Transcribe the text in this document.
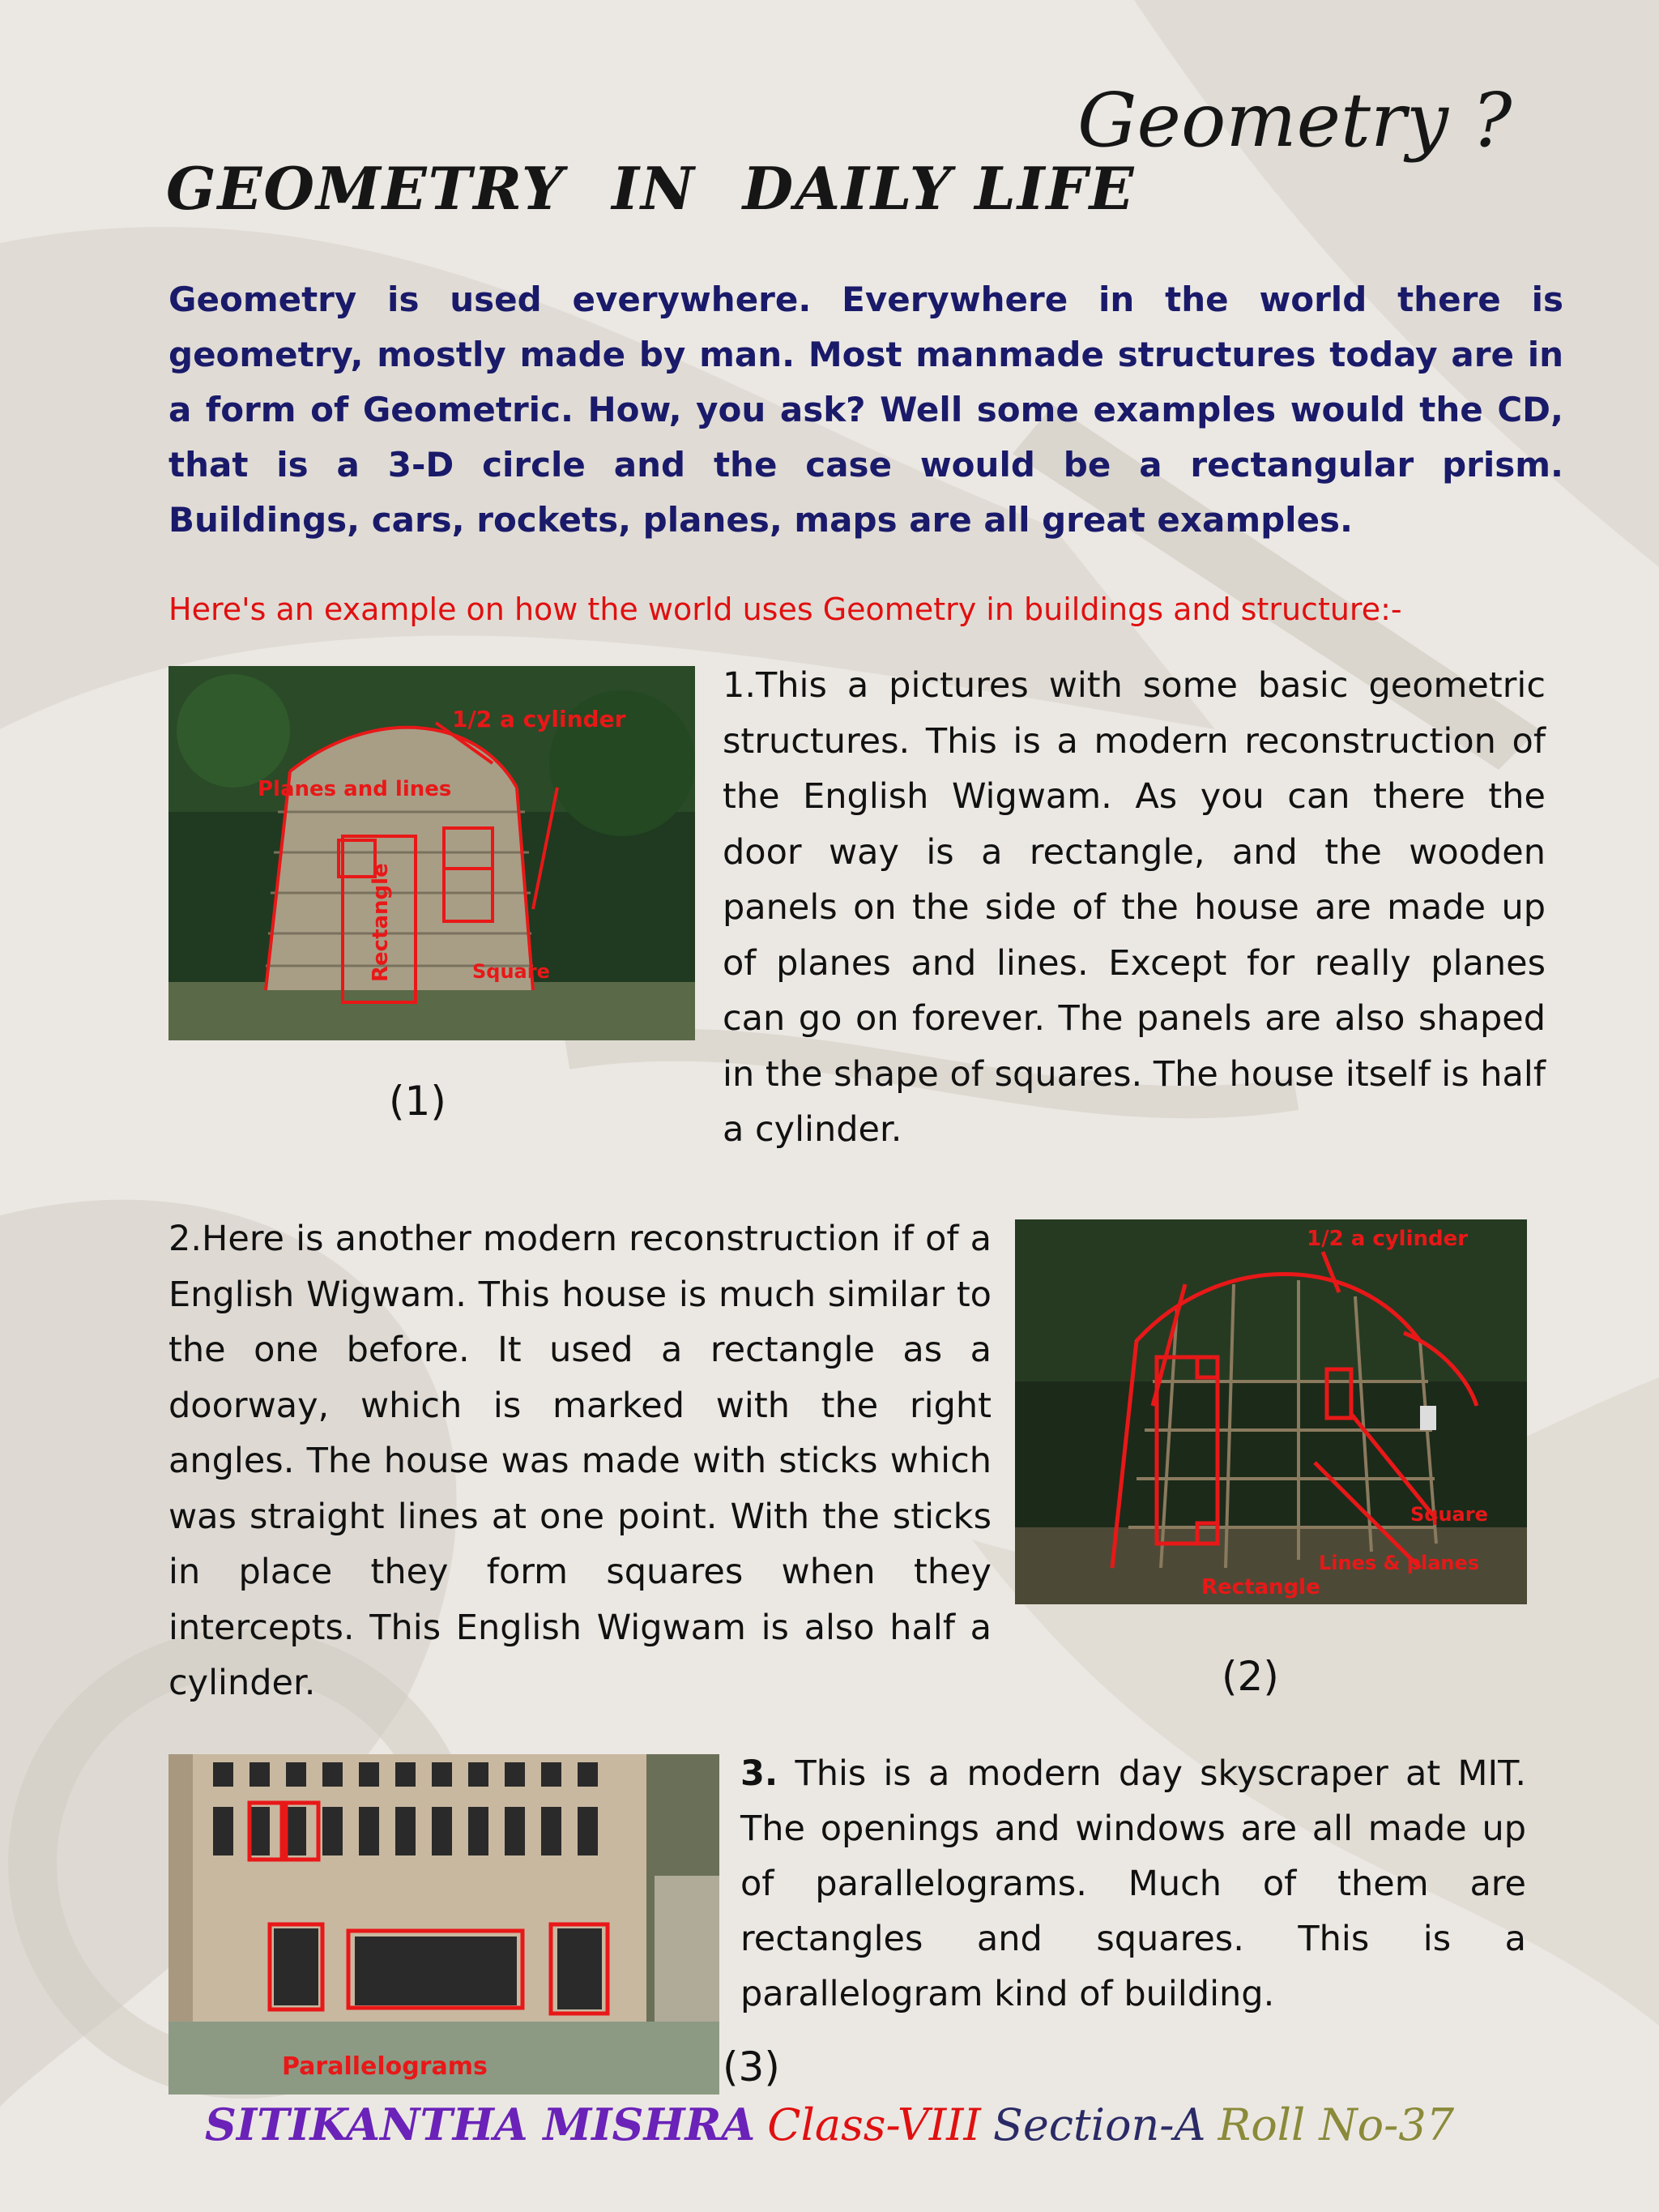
Geometry ?
GEOMETRY IN DAILY LIFE

Geometry is used everywhere. Everywhere in the world there is geometry, mostly made by man. Most manmade structures today are in a form of Geometric. How, you ask? Well some examples would the CD, that is a 3-D circle and the case would be a rectangular prism. Buildings, cars, rockets, planes, maps are all great examples.

Here's an example on how the world uses Geometry in buildings and structure:-
1/2 a cylinder
Planes and lines
Rectangle	Square
(1)

1.This a pictures with some basic geometric structures. This is a modern reconstruction of the English Wigwam. As you can there the door way is a rectangle, and the wooden panels on the side of the house are made up of planes and lines. Except for really planes can go on forever. The panels are also shaped in the shape of squares. The house itself is half a cylinder.

2.Here is another modern reconstruction if of a English Wigwam. This house is much similar to the one before. It used a rectangle as a doorway, which is marked with the right angles. The house was made with sticks which was straight lines at one point. With the sticks in place they form squares when they intercepts. This English Wigwam is also half a cylinder.

1/2 a cylinder
Square
Lines & planes
Rectangle
(2)
Parallelograms

3. This is a modern day skyscraper at MIT. The openings and windows are all made up of parallelograms. Much of them are rectangles and squares. This is a parallelogram kind of building.

(3)
SITIKANTHA MISHRA Class-VIII Section-A Roll No-37
